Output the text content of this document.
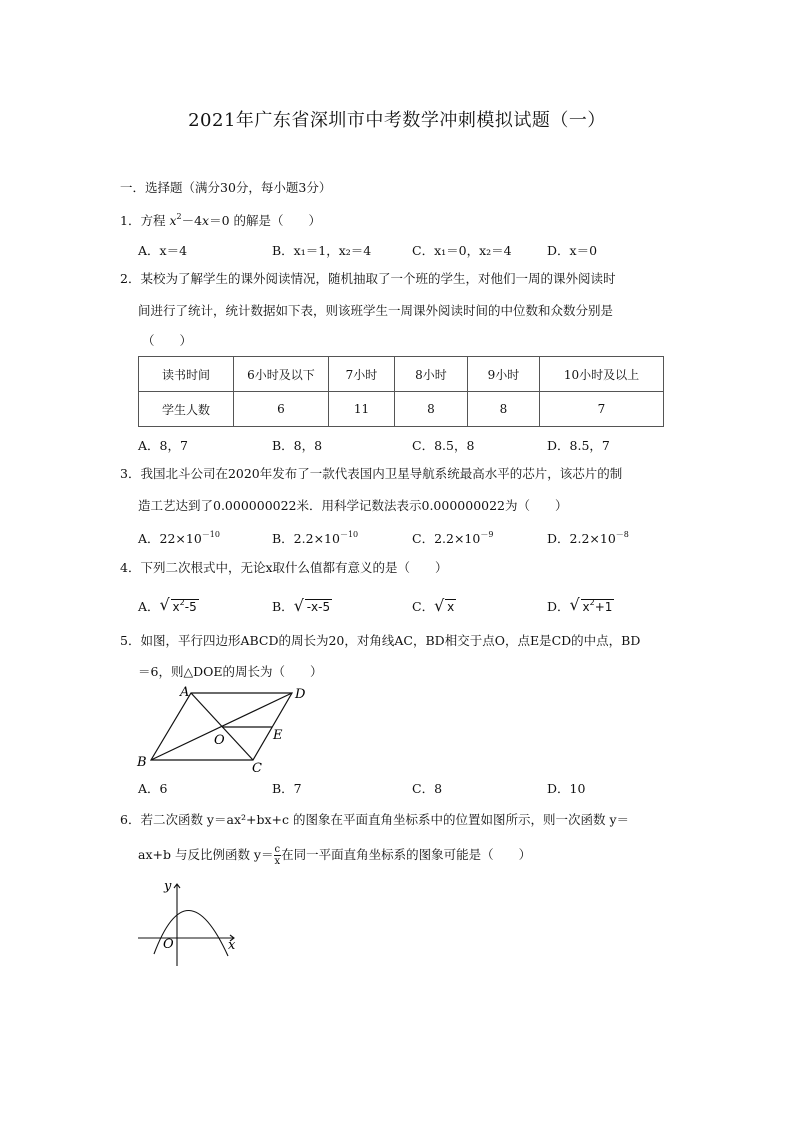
2021年广东省深圳市中考数学冲刺模拟试题（一）
一．选择题（满分30分，每小题3分）
1．方程 $x^2-4x=0$ 的解是（　　）
A．x＝4	B．x₁＝1，x₂＝4	C．x₁＝0，x₂＝4	D．x＝0
2．某校为了解学生的课外阅读情况，随机抽取了一个班的学生，对他们一周的课外阅读时
间进行了统计，统计数据如下表，则该班学生一周课外阅读时间的中位数和众数分别是
（　　）
读书时间	6小时及以下	7小时	8小时	9小时	10小时及以上
学生人数	6	11	8	8	7
A．8，7	B．8，8	C．8.5，8	D．8.5，7
3．我国北斗公司在2020年发布了一款代表国内卫星导航系统最高水平的芯片，该芯片的制
造工艺达到了0.000000022米．用科学记数法表示0.000000022为（　　）
A．$22\times 10^{-10}$	B．$2.2\times 10^{-10}$	C．$2.2\times 10^{-9}$	D．$2.2\times 10^{-8}$
4．下列二次根式中，无论x取什么值都有意义的是（　　）
A． √ $x^2-5$	B． √ -x-5	C． √ x	D． √ $x^2+1$
5．如图，平行四边形ABCD的周长为20，对角线AC，BD相交于点O，点E是CD的中点，BD
＝6，则△DOE的周长为（　　）
A	D
B	C
O	E
A．6	B．7	C．8	D．10
6．若二次函数 y＝ax²+bx+c 的图象在平面直角坐标系中的位置如图所示，则一次函数 y＝
ax+b 与反比例函数 $y= \frac{c}{x}$ 在同一平面直角坐标系的图象可能是（　　）
y
x
O
